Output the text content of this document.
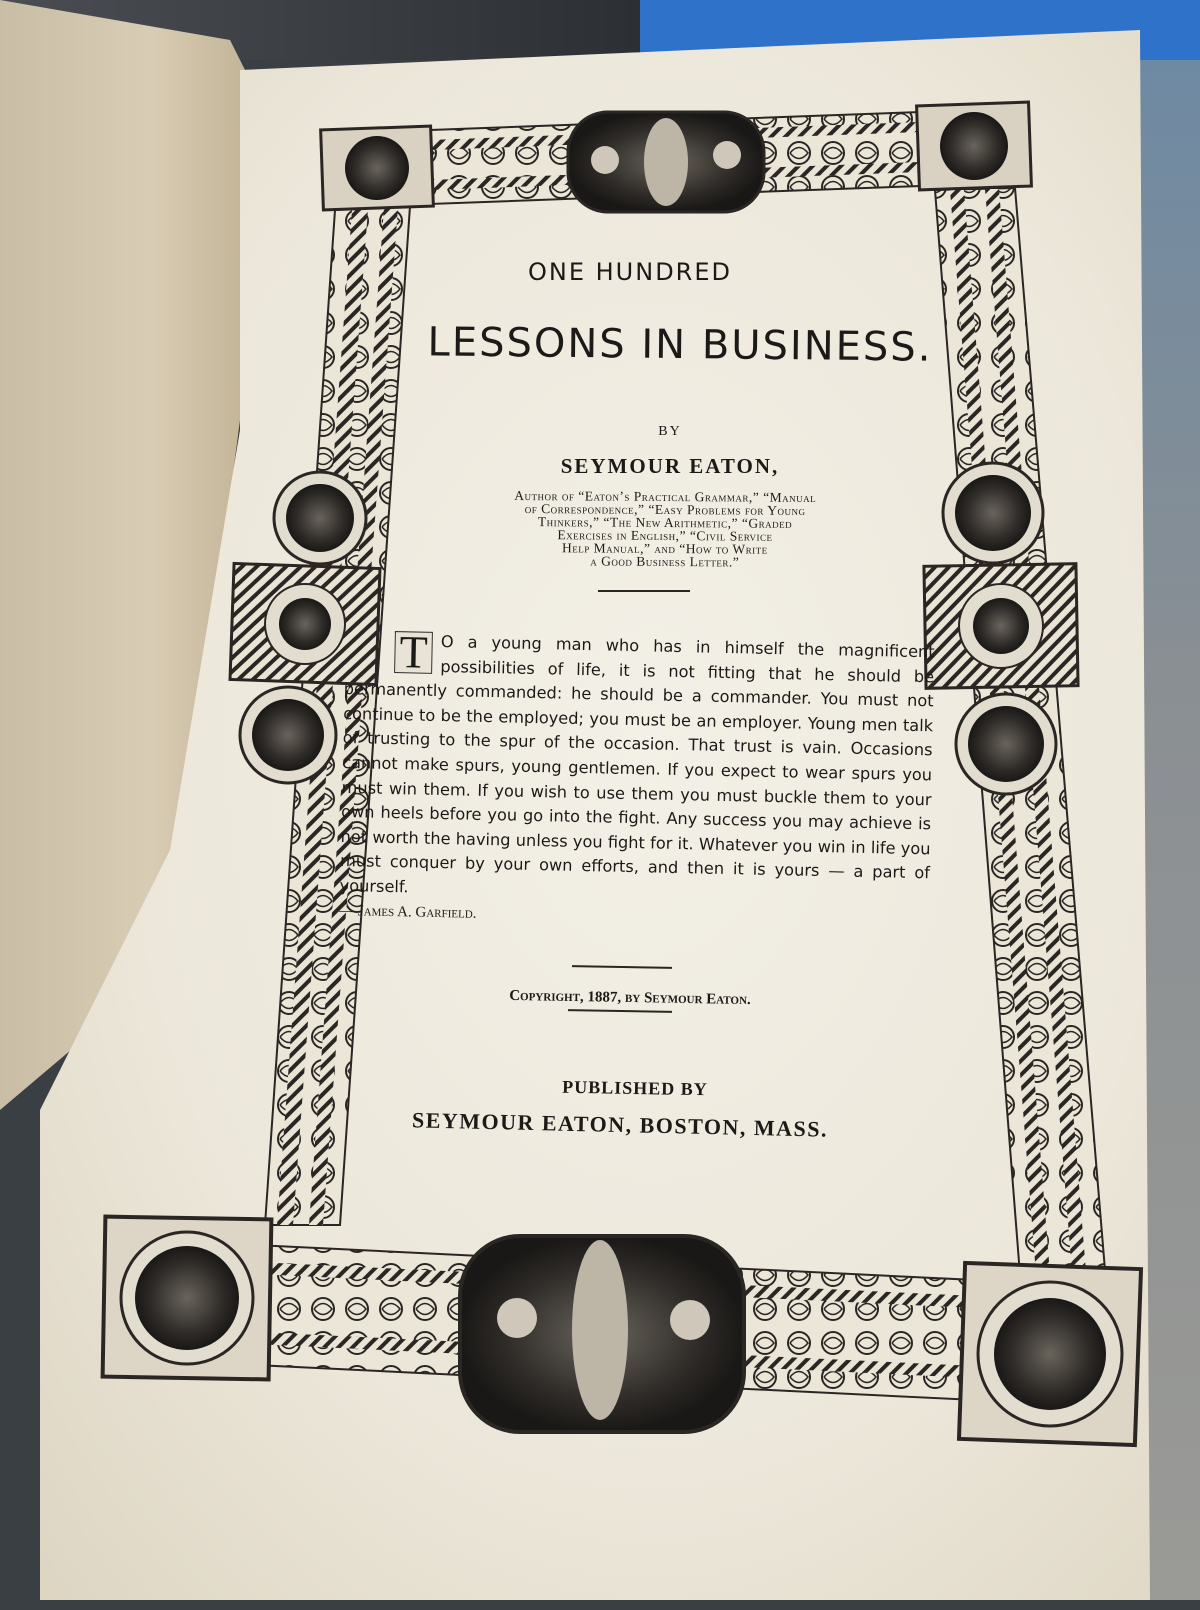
ONE HUNDRED
LESSONS IN BUSINESS.
BY
SEYMOUR EATON,
Author of “Eaton’s Practical Grammar,” “Manual
of Correspondence,” “Easy Problems for Young
Thinkers,” “The New Arithmetic,” “Graded
Exercises in English,” “Civil Service
Help Manual,” and “How to Write
a Good Business Letter.”
T O a young man who has in himself the magnificent possibilities of life, it is not fitting that he should be permanently commanded: he should be a commander. You must not continue to be the employed; you must be an employer. Young men talk of trusting to the spur of the occasion. That trust is vain. Occasions cannot make spurs, young gentlemen. If you expect to wear spurs you must win them. If you wish to use them you must buckle them to your own heels before you go into the fight. Any success you may achieve is not worth the having unless you fight for it. Whatever you win in life you must conquer by your own efforts, and then it is yours — a part of yourself.
— James A. Garfield.
Copyright, 1887, by Seymour Eaton.
PUBLISHED BY
SEYMOUR EATON, BOSTON, MASS.
